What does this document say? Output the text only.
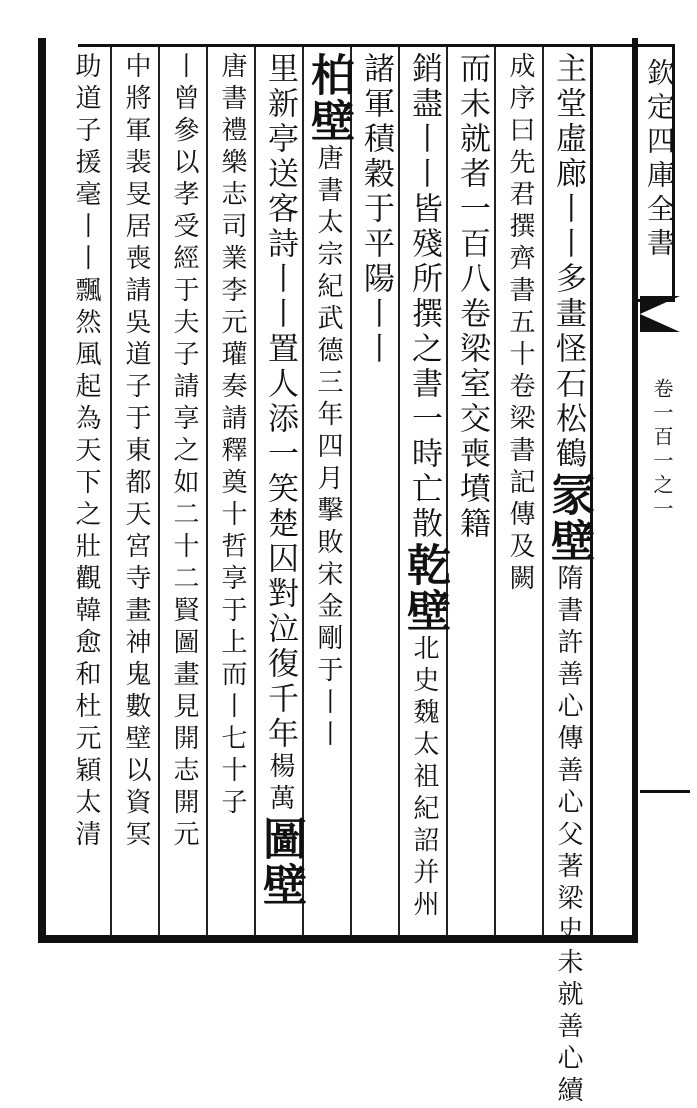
主堂虛廊丨丨多畫怪石松鶴冡壁隋書許善心傳善心父著梁史未就善心續
成序曰先君撰齊書五十卷梁書記傳及闕
而未就者一百八卷梁室交喪墳籍
銷盡丨丨皆殘所撰之書一時亡散乾壁北史魏太祖紀詔并州
諸軍積穀于平陽丨丨
柏壁唐書太宗紀武德三年四月擊敗宋金剛于丨丨
里新亭送客詩丨丨置人添一笑楚囚對泣復千年楊萬圖壁
唐書禮樂志司業李元瓘奏請釋奠十哲享于上而丨七十子
丨曾參以孝受經于夫子請享之如二十二賢圖畫見開志開元
中將軍裴旻居喪請吳道子于東都天宮寺畫神鬼數壁以資冥
助道子援毫丨丨飄然風起為天下之壯觀韓愈和杜元穎太清	欽定四庫全書
卷一百一之一
